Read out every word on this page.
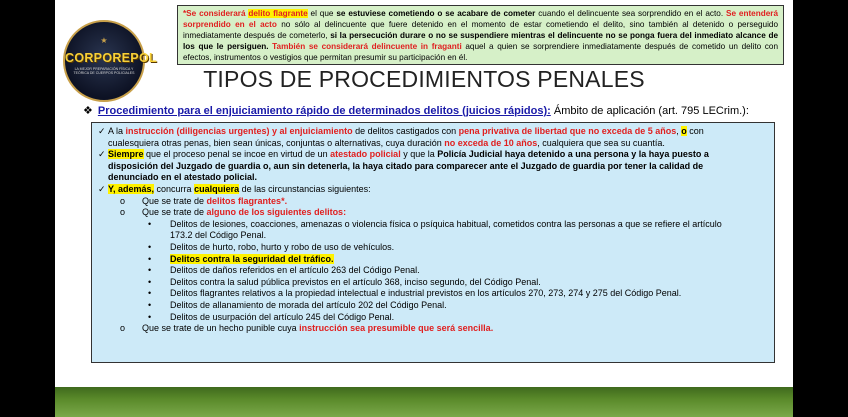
★
CORPOREPOL
LA MEJOR PREPARACIÓN FÍSICA Y TEÓRICA DE CUERPOS POLICIALES
*Se considerará delito flagrante el que se estuviese cometiendo o se acabare de cometer cuando el delincuente sea sorprendido en el acto. Se entenderá sorprendido en el acto no sólo al delincuente que fuere detenido en el momento de estar cometiendo el delito, sino también al detenido o perseguido inmediatamente después de cometerlo, si la persecución durare o no se suspendiere mientras el delincuente no se ponga fuera del inmediato alcance de los que le persiguen. También se considerará delincuente in fraganti aquel a quien se sorprendiere inmediatamente después de cometido un delito con efectos, instrumentos o vestigios que permitan presumir su participación en él.
TIPOS DE PROCEDIMIENTOS PENALES
❖ Procedimiento para el enjuiciamiento rápido de determinados delitos (juicios rápidos): Ámbito de aplicación (art. 795 LECrim.):
✓ A la instrucción (diligencias urgentes) y al enjuiciamiento de delitos castigados con pena privativa de libertad que no exceda de 5 años, o con
cualesquiera otras penas, bien sean únicas, conjuntas o alternativas, cuya duración no exceda de 10 años, cualquiera que sea su cuantía.
✓ Siempre que el proceso penal se incoe en virtud de un atestado policial y que la Policía Judicial haya detenido a una persona y la haya puesto a
disposición del Juzgado de guardia o, aun sin detenerla, la haya citado para comparecer ante el Juzgado de guardia por tener la calidad de
denunciado en el atestado policial.
✓ Y, además, concurra cualquiera de las circunstancias siguientes:
o Que se trate de delitos flagrantes*.
o Que se trate de alguno de los siguientes delitos:
• Delitos de lesiones, coacciones, amenazas o violencia física o psíquica habitual, cometidos contra las personas a que se refiere el artículo
173.2 del Código Penal.
• Delitos de hurto, robo, hurto y robo de uso de vehículos.
• Delitos contra la seguridad del tráfico.
• Delitos de daños referidos en el artículo 263 del Código Penal.
• Delitos contra la salud pública previstos en el artículo 368, inciso segundo, del Código Penal.
• Delitos flagrantes relativos a la propiedad intelectual e industrial previstos en los artículos 270, 273, 274 y 275 del Código Penal.
• Delitos de allanamiento de morada del artículo 202 del Código Penal.
• Delitos de usurpación del artículo 245 del Código Penal.
o Que se trate de un hecho punible cuya instrucción sea presumible que será sencilla.
